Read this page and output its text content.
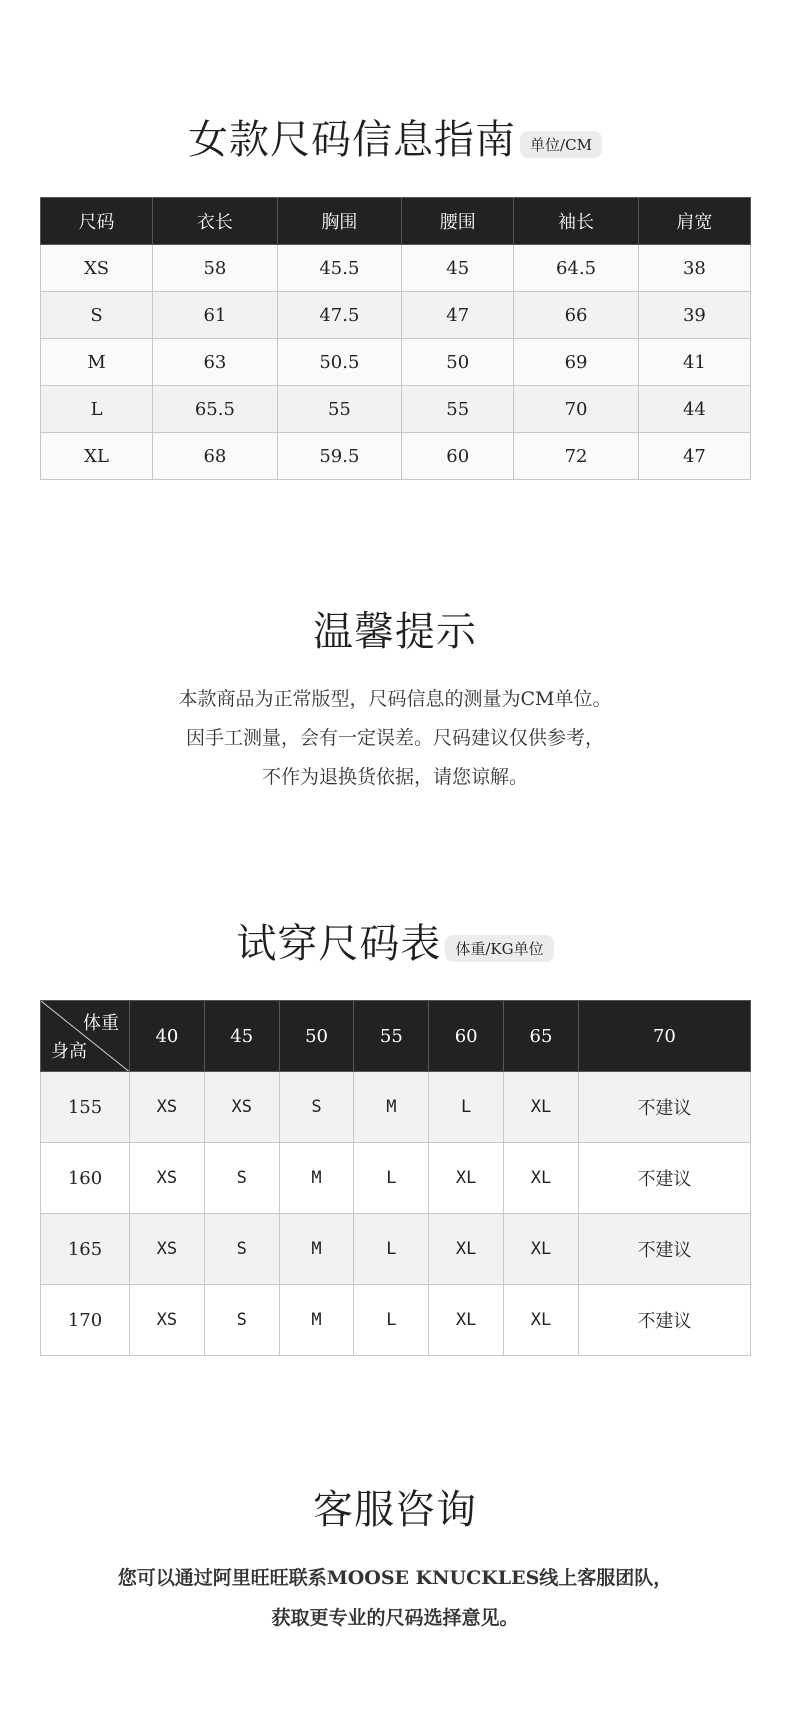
女款尺码信息指南 单位/CM
尺码	衣长	胸围	腰围	袖长	肩宽
XS	58	45.5	45	64.5	38
S	61	47.5	47	66	39
M	63	50.5	50	69	41
L	65.5	55	55	70	44
XL	68	59.5	60	72	47
温馨提示

本款商品为正常版型，尺码信息的测量为CM单位。

因手工测量，会有一定误差。尺码建议仅供参考，

不作为退换货依据，请您谅解。

试穿尺码表 体重/KG单位
体重
身高	40	45	50	55	60	65	70
155	XS	XS	S	M	L	XL	不建议
160	XS	S	M	L	XL	XL	不建议
165	XS	S	M	L	XL	XL	不建议
170	XS	S	M	L	XL	XL	不建议
客服咨询

您可以通过阿里旺旺联系MOOSE KNUCKLES线上客服团队，

获取更专业的尺码选择意见。
